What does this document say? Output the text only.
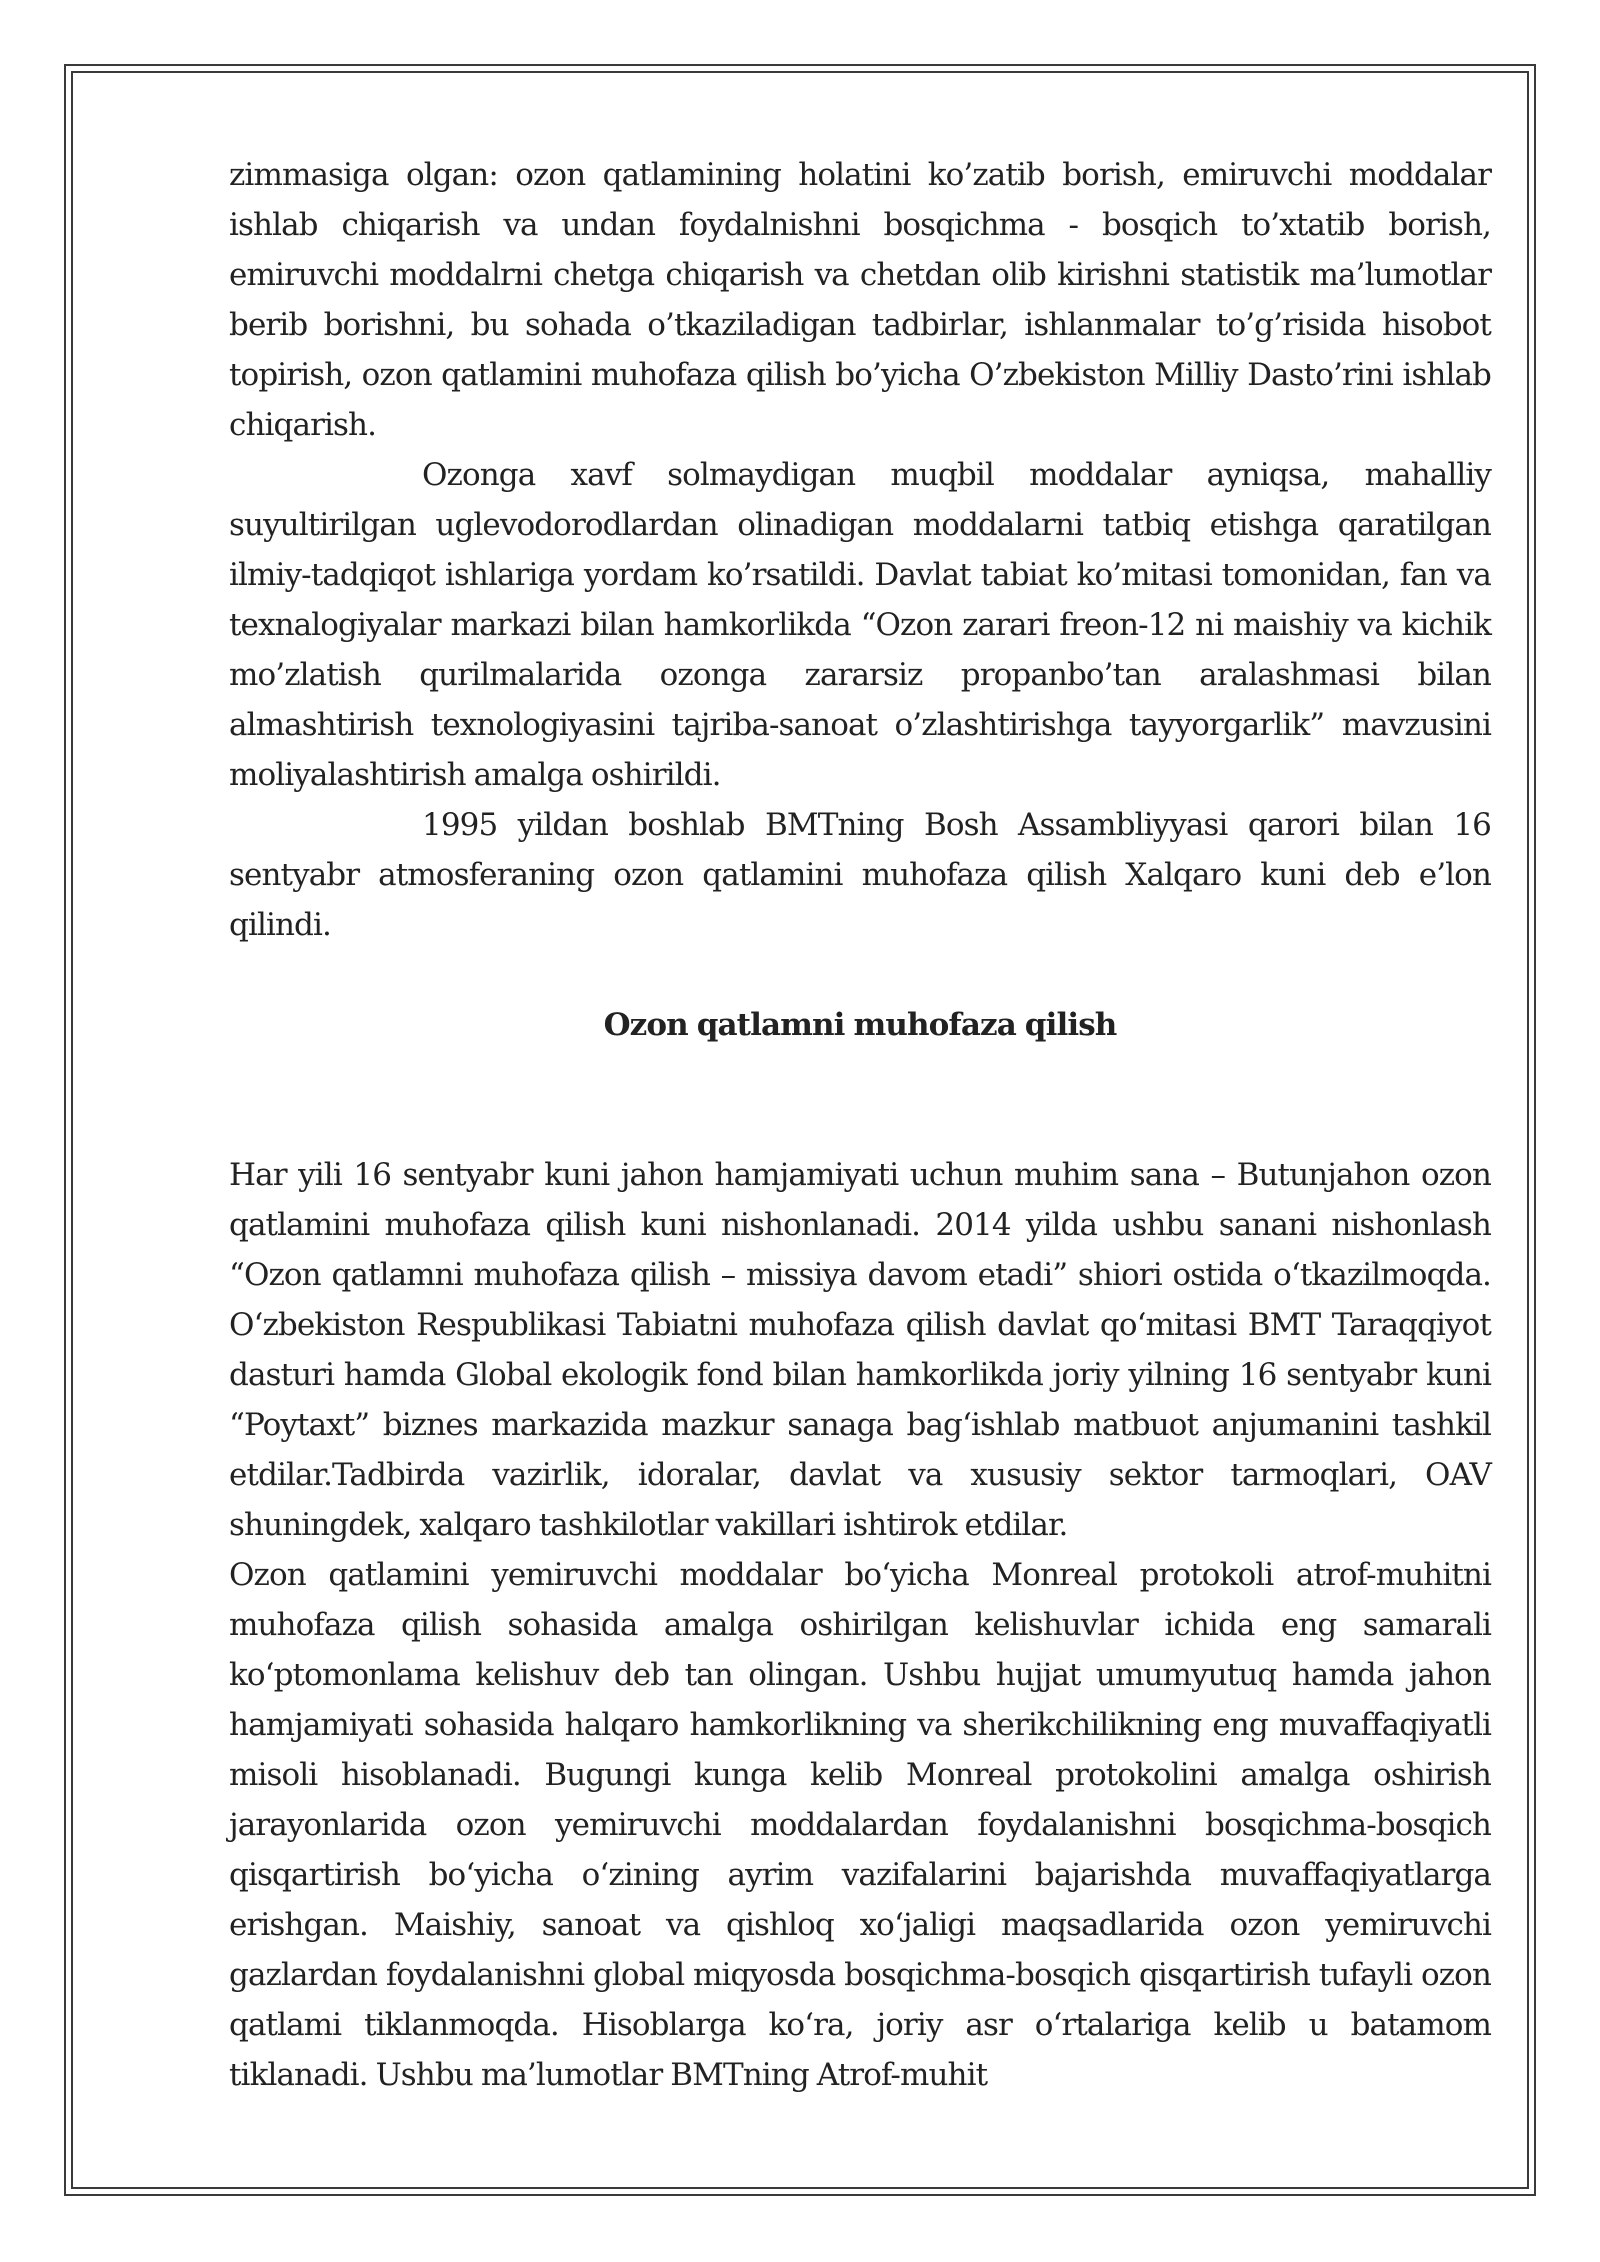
zimmasiga olgan: ozon qatlamining holatini ko’zatib borish, emiruvchi moddalar ishlab chiqarish va undan foydalnishni bosqichma - bosqich to’xtatib borish, emiruvchi moddalrni chetga chiqarish va chetdan olib kirishni statistik ma’lumotlar berib borishni, bu sohada o’tkaziladigan tadbirlar, ishlanmalar to’g’risida hisobot topirish, ozon qatlamini muhofaza qilish bo’yicha O’zbekiston Milliy Dasto’rini ishlab chiqarish.

Ozonga xavf solmaydigan muqbil moddalar ayniqsa, mahalliy suyultirilgan uglevodorodlardan olinadigan moddalarni tatbiq etishga qaratilgan ilmiy-tadqiqot ishlariga yordam ko’rsatildi. Davlat tabiat ko’mitasi tomonidan, fan va texnalogiyalar markazi bilan hamkorlikda “Ozon zarari freon-12 ni maishiy va kichik mo’zlatish qurilmalarida ozonga zararsiz propanbo’tan aralashmasi bilan almashtirish texnologiyasini tajriba-sanoat o’zlashtirishga tayyorgarlik” mavzusini moliyalashtirish amalga oshirildi.

1995 yildan boshlab BMTning Bosh Assambliyyasi qarori bilan 16 sentyabr atmosferaning ozon qatlamini muhofaza qilish Xalqaro kuni deb e’lon qilindi.

Ozon qatlamni muhofaza qilish

Har yili 16 sentyabr kuni jahon hamjamiyati uchun muhim sana – Butunjahon ozon qatlamini muhofaza qilish kuni nishonlanadi. 2014 yilda ushbu sanani nishonlash “Ozon qatlamni muhofaza qilish – missiya davom etadi” shiori ostida o‘tkazilmoqda. O‘zbekiston Respublikasi Tabiatni muhofaza qilish davlat qo‘mitasi BMT Taraqqiyot dasturi hamda Global ekologik fond bilan hamkorlikda joriy yilning 16 sentyabr kuni “Poytaxt” biznes markazida mazkur sanaga bag‘ishlab matbuot anjumanini tashkil etdilar.Tadbirda vazirlik, idoralar, davlat va xususiy sektor tarmoqlari, OAV shuningdek, xalqaro tashkilotlar vakillari ishtirok etdilar.

Ozon qatlamini yemiruvchi moddalar bo‘yicha Monreal protokoli atrof-muhitni muhofaza qilish sohasida amalga oshirilgan kelishuvlar ichida eng samarali ko‘ptomonlama kelishuv deb tan olingan. Ushbu hujjat umumyutuq hamda jahon hamjamiyati sohasida halqaro hamkorlikning va sherikchilikning eng muvaffaqiyatli misoli hisoblanadi. Bugungi kunga kelib Monreal protokolini amalga oshirish jarayonlarida ozon yemiruvchi moddalardan foydalanishni bosqichma-bosqich qisqartirish bo‘yicha o‘zining ayrim vazifalarini bajarishda muvaffaqiyatlarga erishgan. Maishiy, sanoat va qishloq xo‘jaligi maqsadlarida ozon yemiruvchi gazlardan foydalanishni global miqyosda bosqichma-bosqich qisqartirish tufayli ozon qatlami tiklanmoqda. Hisoblarga ko‘ra, joriy asr o‘rtalariga kelib u batamom tiklanadi. Ushbu ma’lumotlar BMTning Atrof-muhit
